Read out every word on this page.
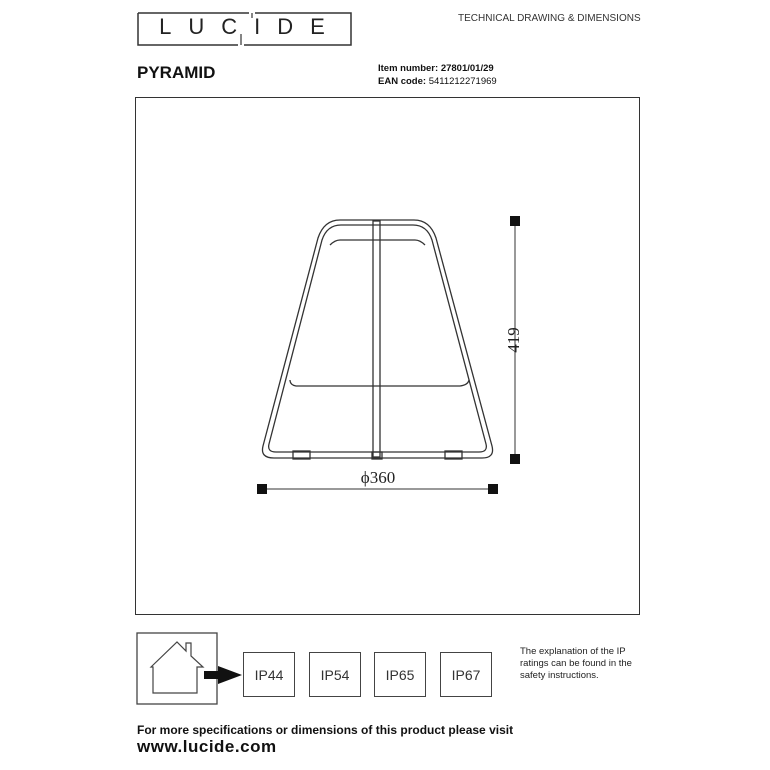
LUCIDE	TECHNICAL DRAWING & DIMENSIONS
PYRAMID	Item number: 27801/01/29
EAN code: 5411212271969
419
ϕ360
IP44	IP54	IP65	IP67
The explanation of the IP ratings can be found in the safety instructions.
For more specifications or dimensions of this product please visit
www.lucide.com
